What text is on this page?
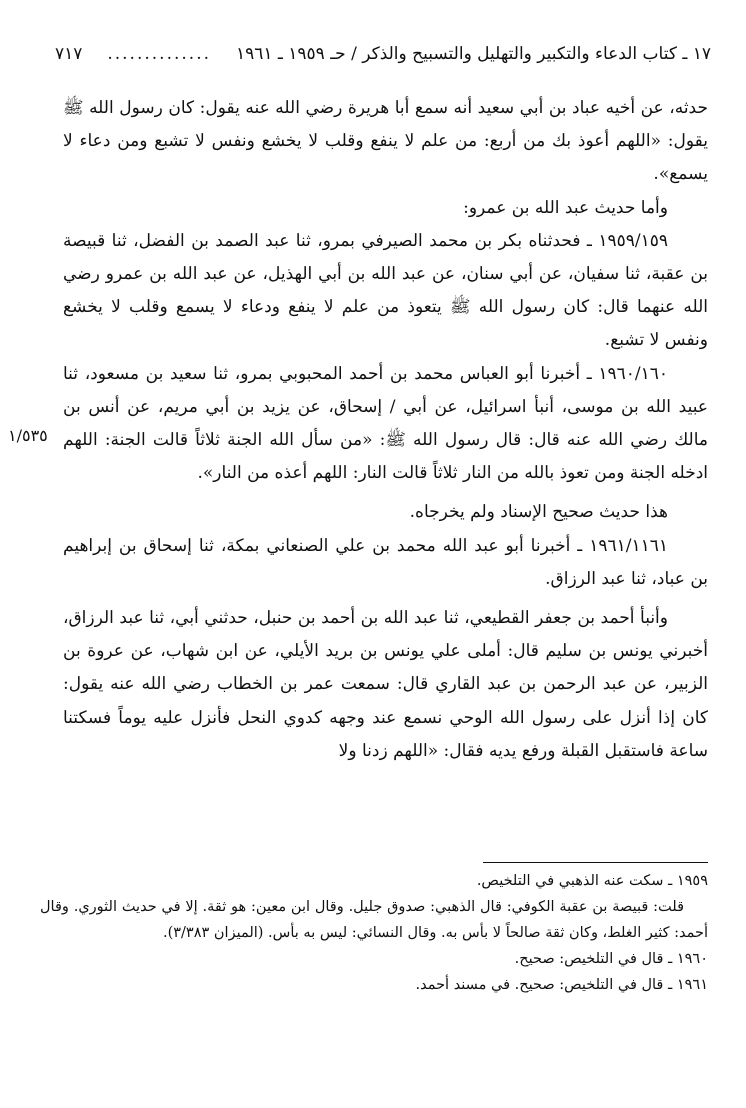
٧١٧ .............. ١٧ ـ كتاب الدعاء والتكبير والتهليل والتسبيح والذكر / حـ ١٩٥٩ ـ ١٩٦١
١/٥٣٥

حدثه، عن أخيه عباد بن أبي سعيد أنه سمع أبا هريرة رضي الله عنه يقول: كان رسول الله ﷺ يقول: «اللهم أعوذ بك من أربع: من علم لا ينفع وقلب لا يخشع ونفس لا تشبع ومن دعاء لا يسمع».

وأما حديث عبد الله بن عمرو:

١٩٥٩/١٥٩ ـ فحدثناه بكر بن محمد الصيرفي بمرو، ثنا عبد الصمد بن الفضل، ثنا قبيصة بن عقبة، ثنا سفيان، عن أبي سنان، عن عبد الله بن أبي الهذيل، عن عبد الله بن عمرو رضي الله عنهما قال: كان رسول الله ﷺ يتعوذ من علم لا ينفع ودعاء لا يسمع وقلب لا يخشع ونفس لا تشبع.

١٩٦٠/١٦٠ ـ أخبرنا أبو العباس محمد بن أحمد المحبوبي بمرو، ثنا سعيد بن مسعود، ثنا عبيد الله بن موسى، أنبأ اسرائيل، عن أبي / إسحاق، عن يزيد بن أبي مريم، عن أنس بن مالك رضي الله عنه قال: قال رسول الله ﷺ: «من سأل الله الجنة ثلاثاً قالت الجنة: اللهم ادخله الجنة ومن تعوذ بالله من النار ثلاثاً قالت النار: اللهم أعذه من النار».

هذا حديث صحيح الإسناد ولم يخرجاه.

١٩٦١/١١٦١ ـ أخبرنا أبو عبد الله محمد بن علي الصنعاني بمكة، ثنا إسحاق بن إبراهيم بن عباد، ثنا عبد الرزاق.

وأنبأ أحمد بن جعفر القطيعي، ثنا عبد الله بن أحمد بن حنبل، حدثني أبي، ثنا عبد الرزاق، أخبرني يونس بن سليم قال: أملى علي يونس بن بريد الأيلي، عن ابن شهاب، عن عروة بن الزبير، عن عبد الرحمن بن عبد القاري قال: سمعت عمر بن الخطاب رضي الله عنه يقول: كان إذا أنزل على رسول الله الوحي نسمع عند وجهه كدوي النحل فأنزل عليه يوماً فسكتنا ساعة فاستقبل القبلة ورفع يديه فقال: «اللهم زدنا ولا

١٩٥٩ ـ سكت عنه الذهبي في التلخيص.

قلت: قبيصة بن عقبة الكوفي: قال الذهبي: صدوق جليل. وقال ابن معين: هو ثقة. إلا في حديث الثوري. وقال أحمد: كثير الغلط، وكان ثقة صالحاً لا بأس به. وقال النسائي: ليس به بأس. (الميزان ٣/٣٨٣).

١٩٦٠ ـ قال في التلخيص: صحيح.

١٩٦١ ـ قال في التلخيص: صحيح. في مسند أحمد.
